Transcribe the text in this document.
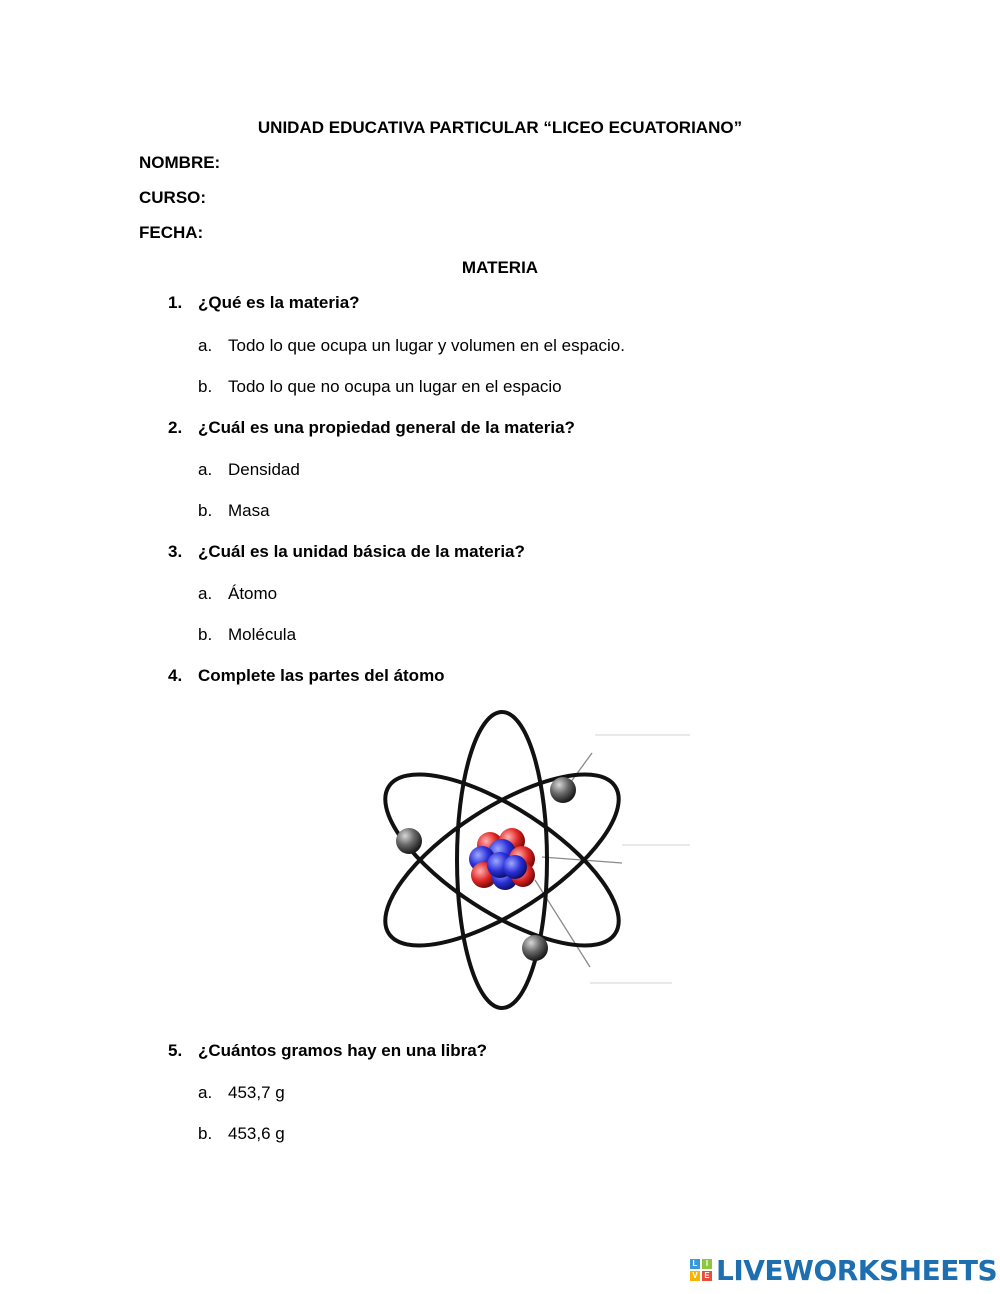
UNIDAD EDUCATIVA PARTICULAR “LICEO ECUATORIANO”
NOMBRE:
CURSO:
FECHA:
MATERIA
1. ¿Qué es la materia?
a. Todo lo que ocupa un lugar y volumen en el espacio.
b. Todo lo que no ocupa un lugar en el espacio
2. ¿Cuál es una propiedad general de la materia?
a. Densidad
b. Masa
3. ¿Cuál es la unidad básica de la materia?
a. Átomo
b. Molécula
4. Complete las partes del átomo
5. ¿Cuántos gramos hay en una libra?
a. 453,7 g
b. 453,6 g
L	I
V E LIVEWORKSHEETS
